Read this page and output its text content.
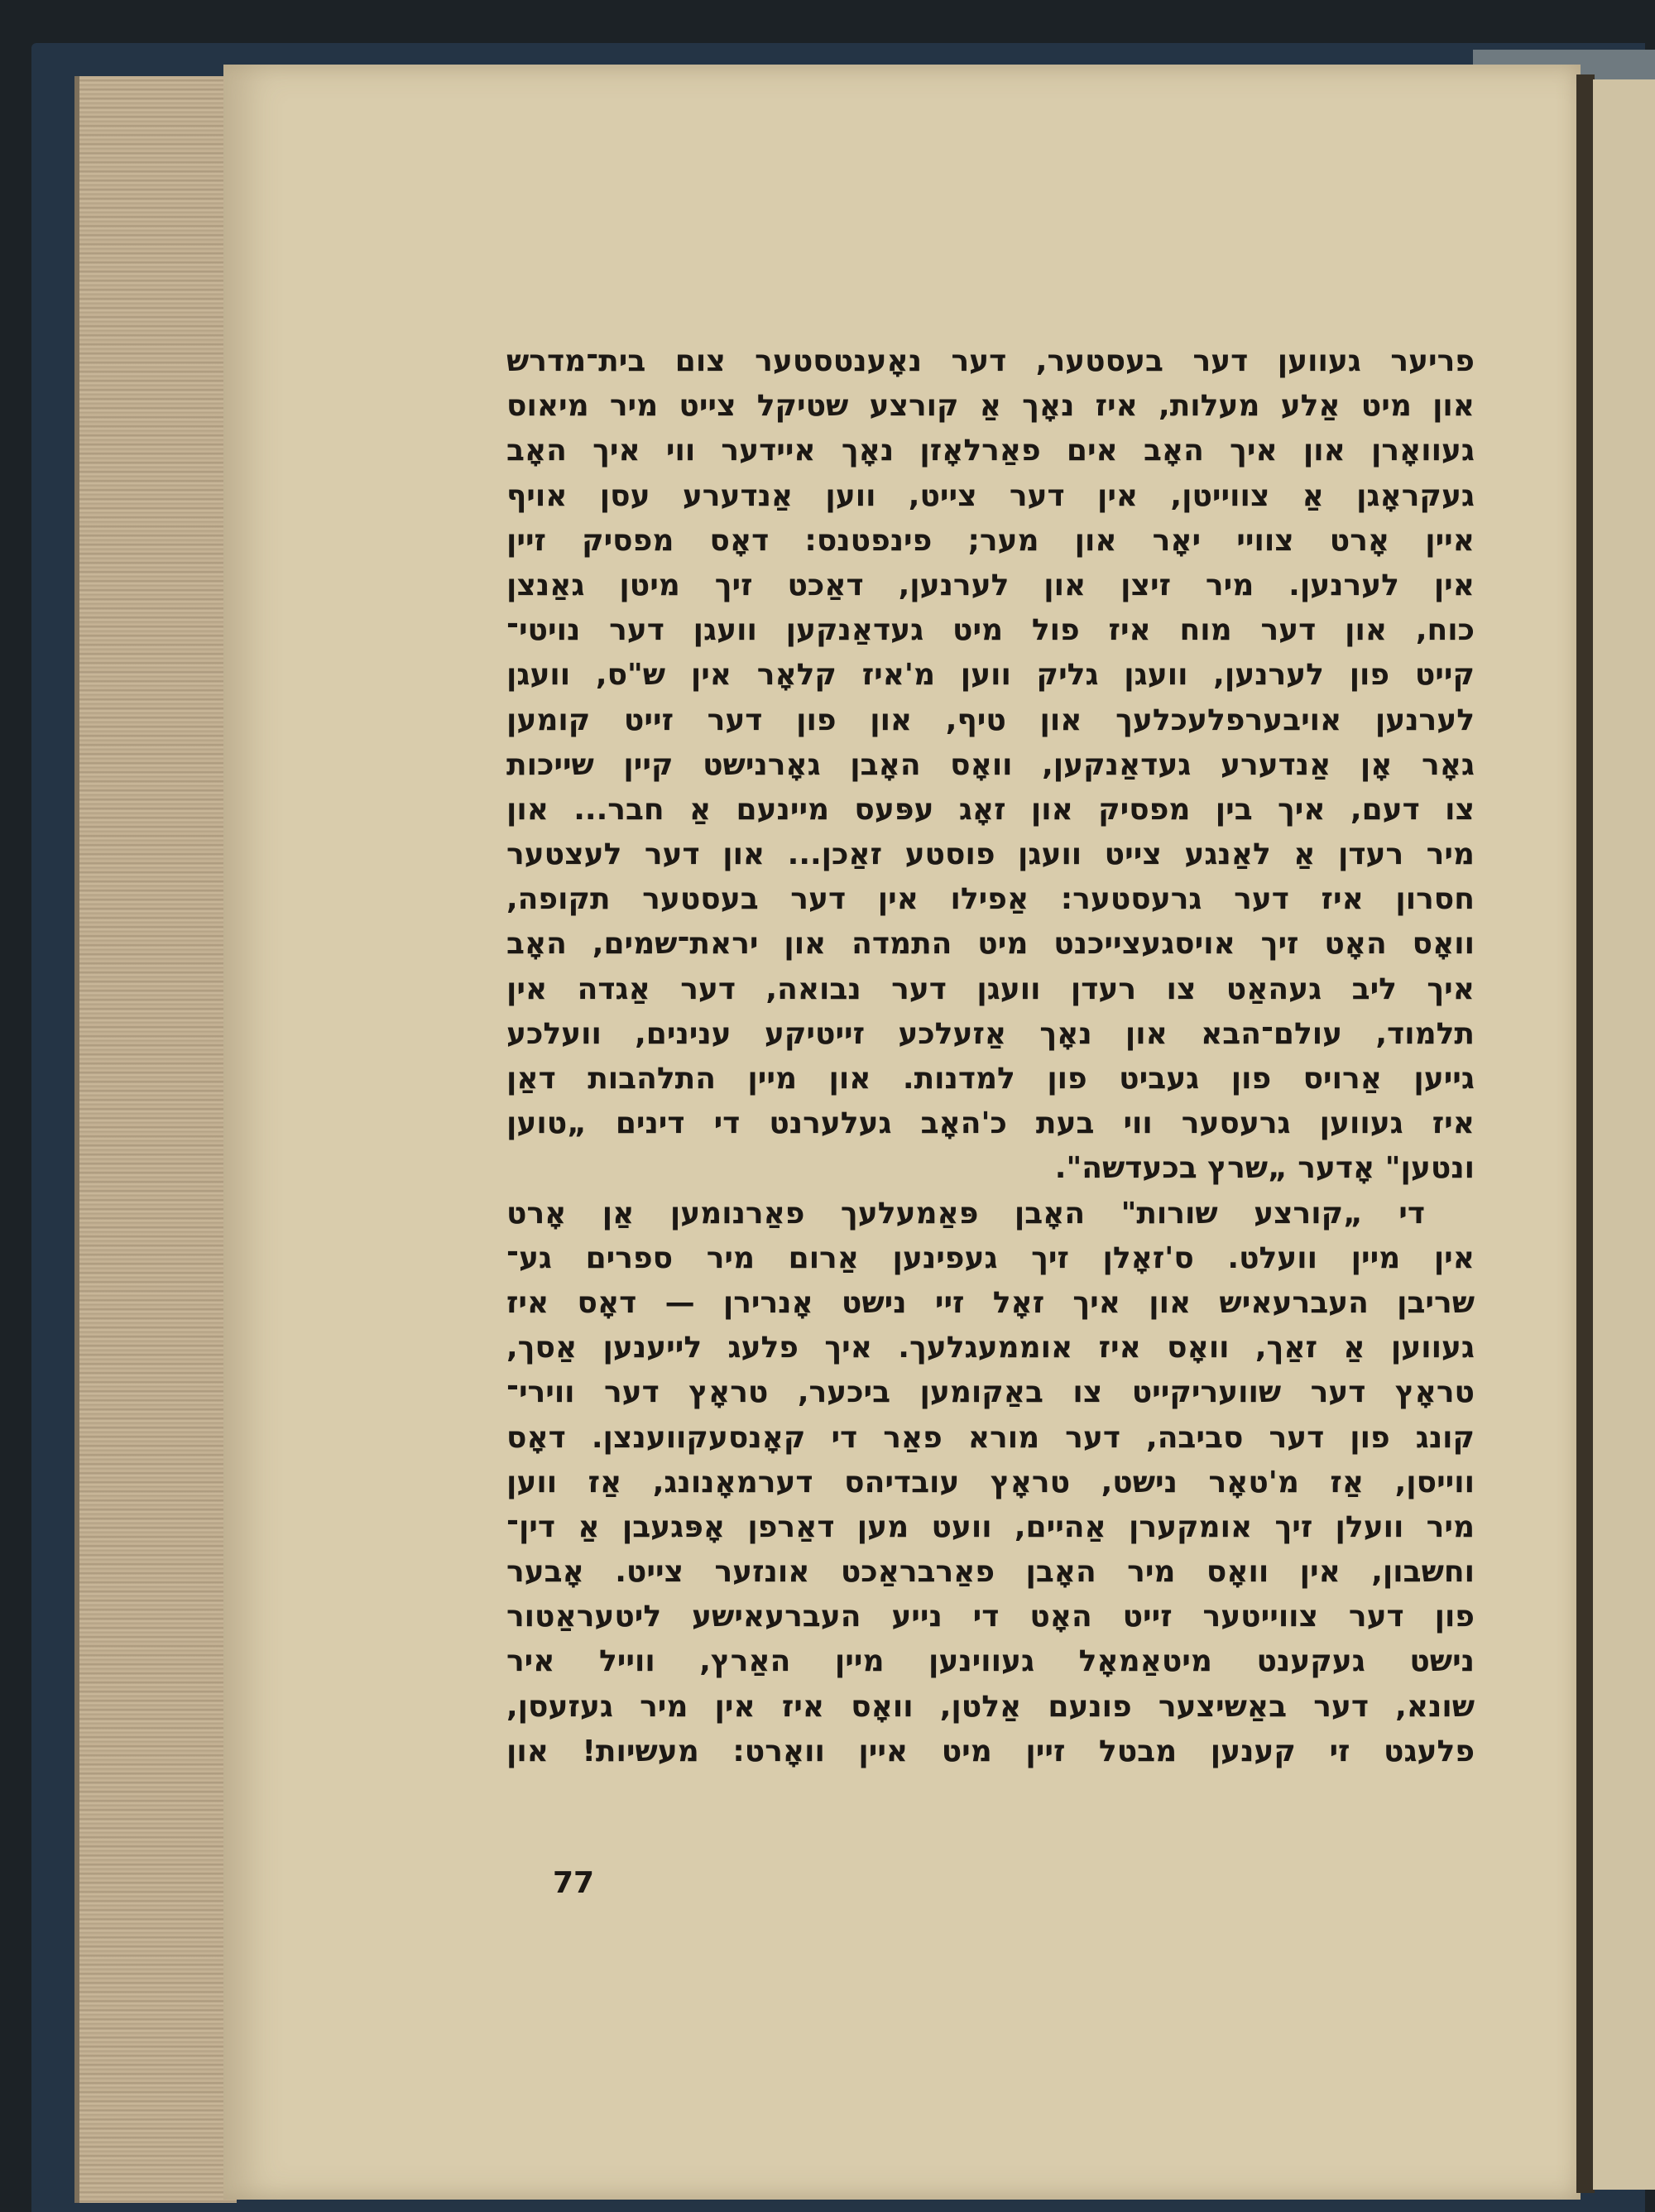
פריער געווען דער בעסטער, דער נאָענטסטער צום בית־מדרש
און מיט אַלע מעלות, איז נאָך אַ קורצע שטיקל צייט מיר מיאוס
געוואָרן און איך האָב אים פאַרלאָזן נאָך איידער ווי איך האָב
געקראָגן אַ צווייטן, אין דער צייט, ווען אַנדערע עסן אויף
איין אָרט צוויי יאָר און מער; פינפטנס: דאָס מפסיק זיין
אין לערנען. מיר זיצן און לערנען, דאַכט זיך מיטן גאַנצן
כוח, און דער מוח איז פול מיט געדאַנקען וועגן דער נויטי־
קייט פון לערנען, וועגן גליק ווען מ'איז קלאָר אין ש"ס, וועגן
לערנען אויבערפלעכלעך און טיף, און פון דער זייט קומען
גאָר אָן אַנדערע געדאַנקען, וואָס האָבן גאָרנישט קיין שייכות
צו דעם, איך בין מפסיק און זאָג עפּעס מיינעם אַ חבר... און
מיר רעדן אַ לאַנגע צייט וועגן פוסטע זאַכן... און דער לעצטער
חסרון איז דער גרעסטער: אַפילו אין דער בעסטער תקופה,
וואָס האָט זיך אויסגעצייכנט מיט התמדה און יראת־שמים, האָב
איך ליב געהאַט צו רעדן וועגן דער נבואה, דער אַגדה אין
תלמוד, עולם־הבא און נאָך אַזעלכע זייטיקע ענינים, וועלכע
גייען אַרויס פון געביט פון למדנות. און מיין התלהבות דאַן
איז געווען גרעסער ווי בעת כ'האָב געלערנט די דינים „טוען
ונטען" אָדער „שרץ בכעדשה".
די „קורצע שורות" האָבן פּאַמעלעך פאַרנומען אַן אָרט
אין מיין וועלט. ס'זאָלן זיך געפינען אַרום מיר ספרים גע־
שריבן העברעאיש און איך זאָל זיי נישט אָנרירן — דאָס איז
געווען אַ זאַך, וואָס איז אוממעגלעך. איך פלעג לייענען אַסך,
טראָץ דער שוועריקייט צו באַקומען ביכער, טראָץ דער ווירי־
קונג פון דער סביבה, דער מורא פאַר די קאָנסעקווענצן. דאָס
ווייסן, אַז מ'טאָר נישט, טראָץ עובדיהס דערמאָנונג, אַז ווען
מיר וועלן זיך אומקערן אַהיים, וועט מען דאַרפן אָפּגעבן אַ דין־
וחשבון, אין וואָס מיר האָבן פאַרבראַכט אונזער צייט. אָבער
פון דער צווייטער זייט האָט די נייע העברעאישע ליטעראַטור
נישט געקענט מיטאַמאָל געווינען מיין האַרץ, ווייל איר
שונא, דער באַשיצער פונעם אַלטן, וואָס איז אין מיר געזעסן,
פלעגט זי קענען מבטל זיין מיט איין וואָרט: מעשיות! און
77
